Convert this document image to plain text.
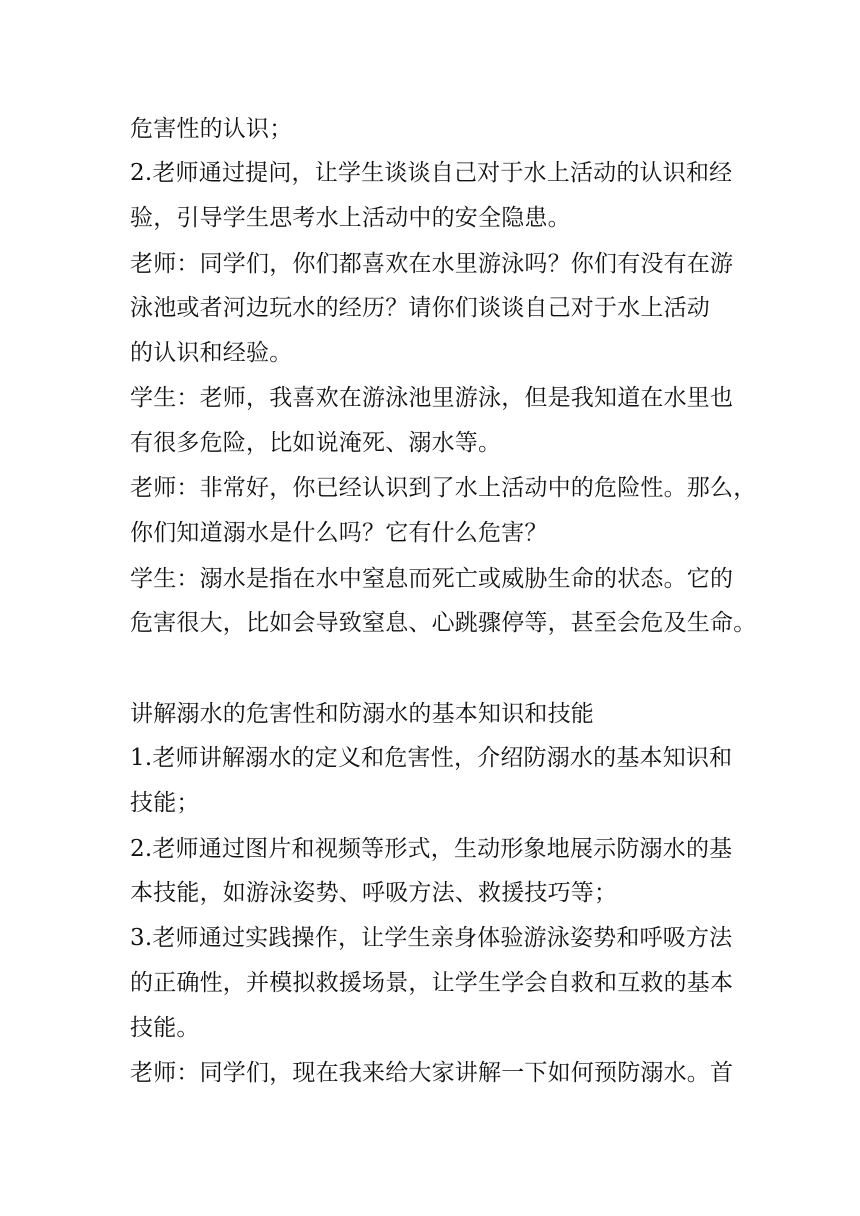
危害性的认识；
2.老师通过提问，让学生谈谈自己对于水上活动的认识和经
验，引导学生思考水上活动中的安全隐患。
老师：同学们，你们都喜欢在水里游泳吗？你们有没有在游
泳池或者河边玩水的经历？请你们谈谈自己对于水上活动
的认识和经验。
学生：老师，我喜欢在游泳池里游泳，但是我知道在水里也
有很多危险，比如说淹死、溺水等。
老师：非常好，你已经认识到了水上活动中的危险性。那么，
你们知道溺水是什么吗？它有什么危害？
学生：溺水是指在水中窒息而死亡或威胁生命的状态。它的
危害很大，比如会导致窒息、心跳骤停等，甚至会危及生命。
讲解溺水的危害性和防溺水的基本知识和技能
1.老师讲解溺水的定义和危害性，介绍防溺水的基本知识和
技能；
2.老师通过图片和视频等形式，生动形象地展示防溺水的基
本技能，如游泳姿势、呼吸方法、救援技巧等；
3.老师通过实践操作，让学生亲身体验游泳姿势和呼吸方法
的正确性，并模拟救援场景，让学生学会自救和互救的基本
技能。
老师：同学们，现在我来给大家讲解一下如何预防溺水。首
